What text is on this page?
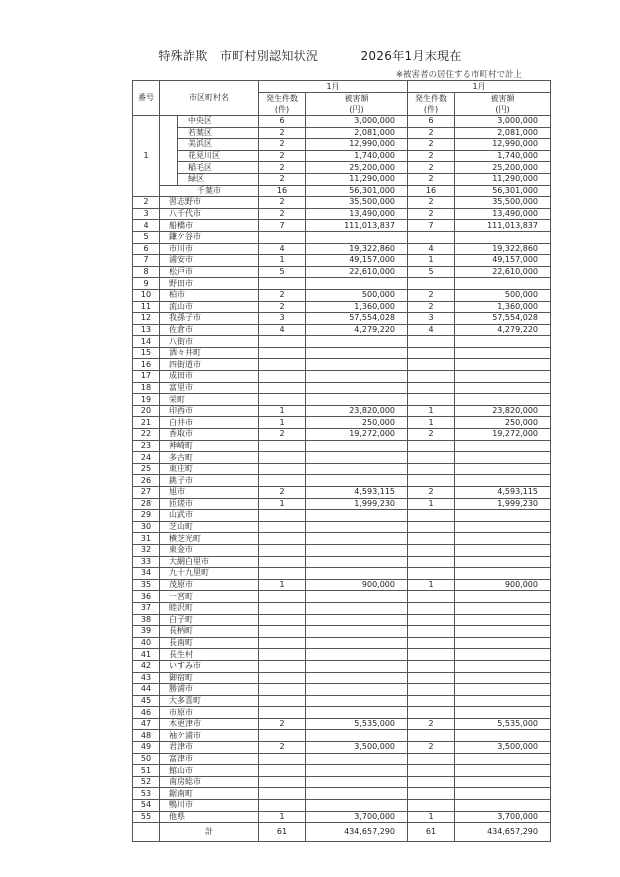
特殊詐欺　市町村別認知状況	2026年1月末現在
※被害者の居住する市町村で計上
番号	市区町村名		1月		1月	
			発生件数	被害額	発生件数	被害額
			(件)	(円)	(件)	(円)
1		中央区	6	3,000,000	6	3,000,000
		若葉区	2	2,081,000	2	2,081,000
		美浜区	2	12,990,000	2	12,990,000
		花見川区	2	1,740,000	2	1,740,000
		稲毛区	2	25,200,000	2	25,200,000
		緑区	2	11,290,000	2	11,290,000
	千葉市		16	56,301,000	16	56,301,000
2	習志野市		2	35,500,000	2	35,500,000
3	八千代市		2	13,490,000	2	13,490,000
4	船橋市		7	111,013,837	7	111,013,837
5	鎌ケ谷市					
6	市川市		4	19,322,860	4	19,322,860
7	浦安市		1	49,157,000	1	49,157,000
8	松戸市		5	22,610,000	5	22,610,000
9	野田市					
10	柏市		2	500,000	2	500,000
11	流山市		2	1,360,000	2	1,360,000
12	我孫子市		3	57,554,028	3	57,554,028
13	佐倉市		4	4,279,220	4	4,279,220
14	八街市					
15	酒々井町					
16	四街道市					
17	成田市					
18	富里市					
19	栄町					
20	印西市		1	23,820,000	1	23,820,000
21	白井市		1	250,000	1	250,000
22	香取市		2	19,272,000	2	19,272,000
23	神崎町					
24	多古町					
25	東庄町					
26	銚子市					
27	旭市		2	4,593,115	2	4,593,115
28	匝瑳市		1	1,999,230	1	1,999,230
29	山武市					
30	芝山町					
31	横芝光町					
32	東金市					
33	大網白里市					
34	九十九里町					
35	茂原市		1	900,000	1	900,000
36	一宮町					
37	睦沢町					
38	白子町					
39	長柄町					
40	長南町					
41	長生村					
42	いすみ市					
43	御宿町					
44	勝浦市					
45	大多喜町					
46	市原市					
47	木更津市		2	5,535,000	2	5,535,000
48	袖ケ浦市					
49	君津市		2	3,500,000	2	3,500,000
50	富津市					
51	館山市					
52	南房総市					
53	鋸南町					
54	鴨川市					
55	他県		1	3,700,000	1	3,700,000
	計		61	434,657,290	61	434,657,290
